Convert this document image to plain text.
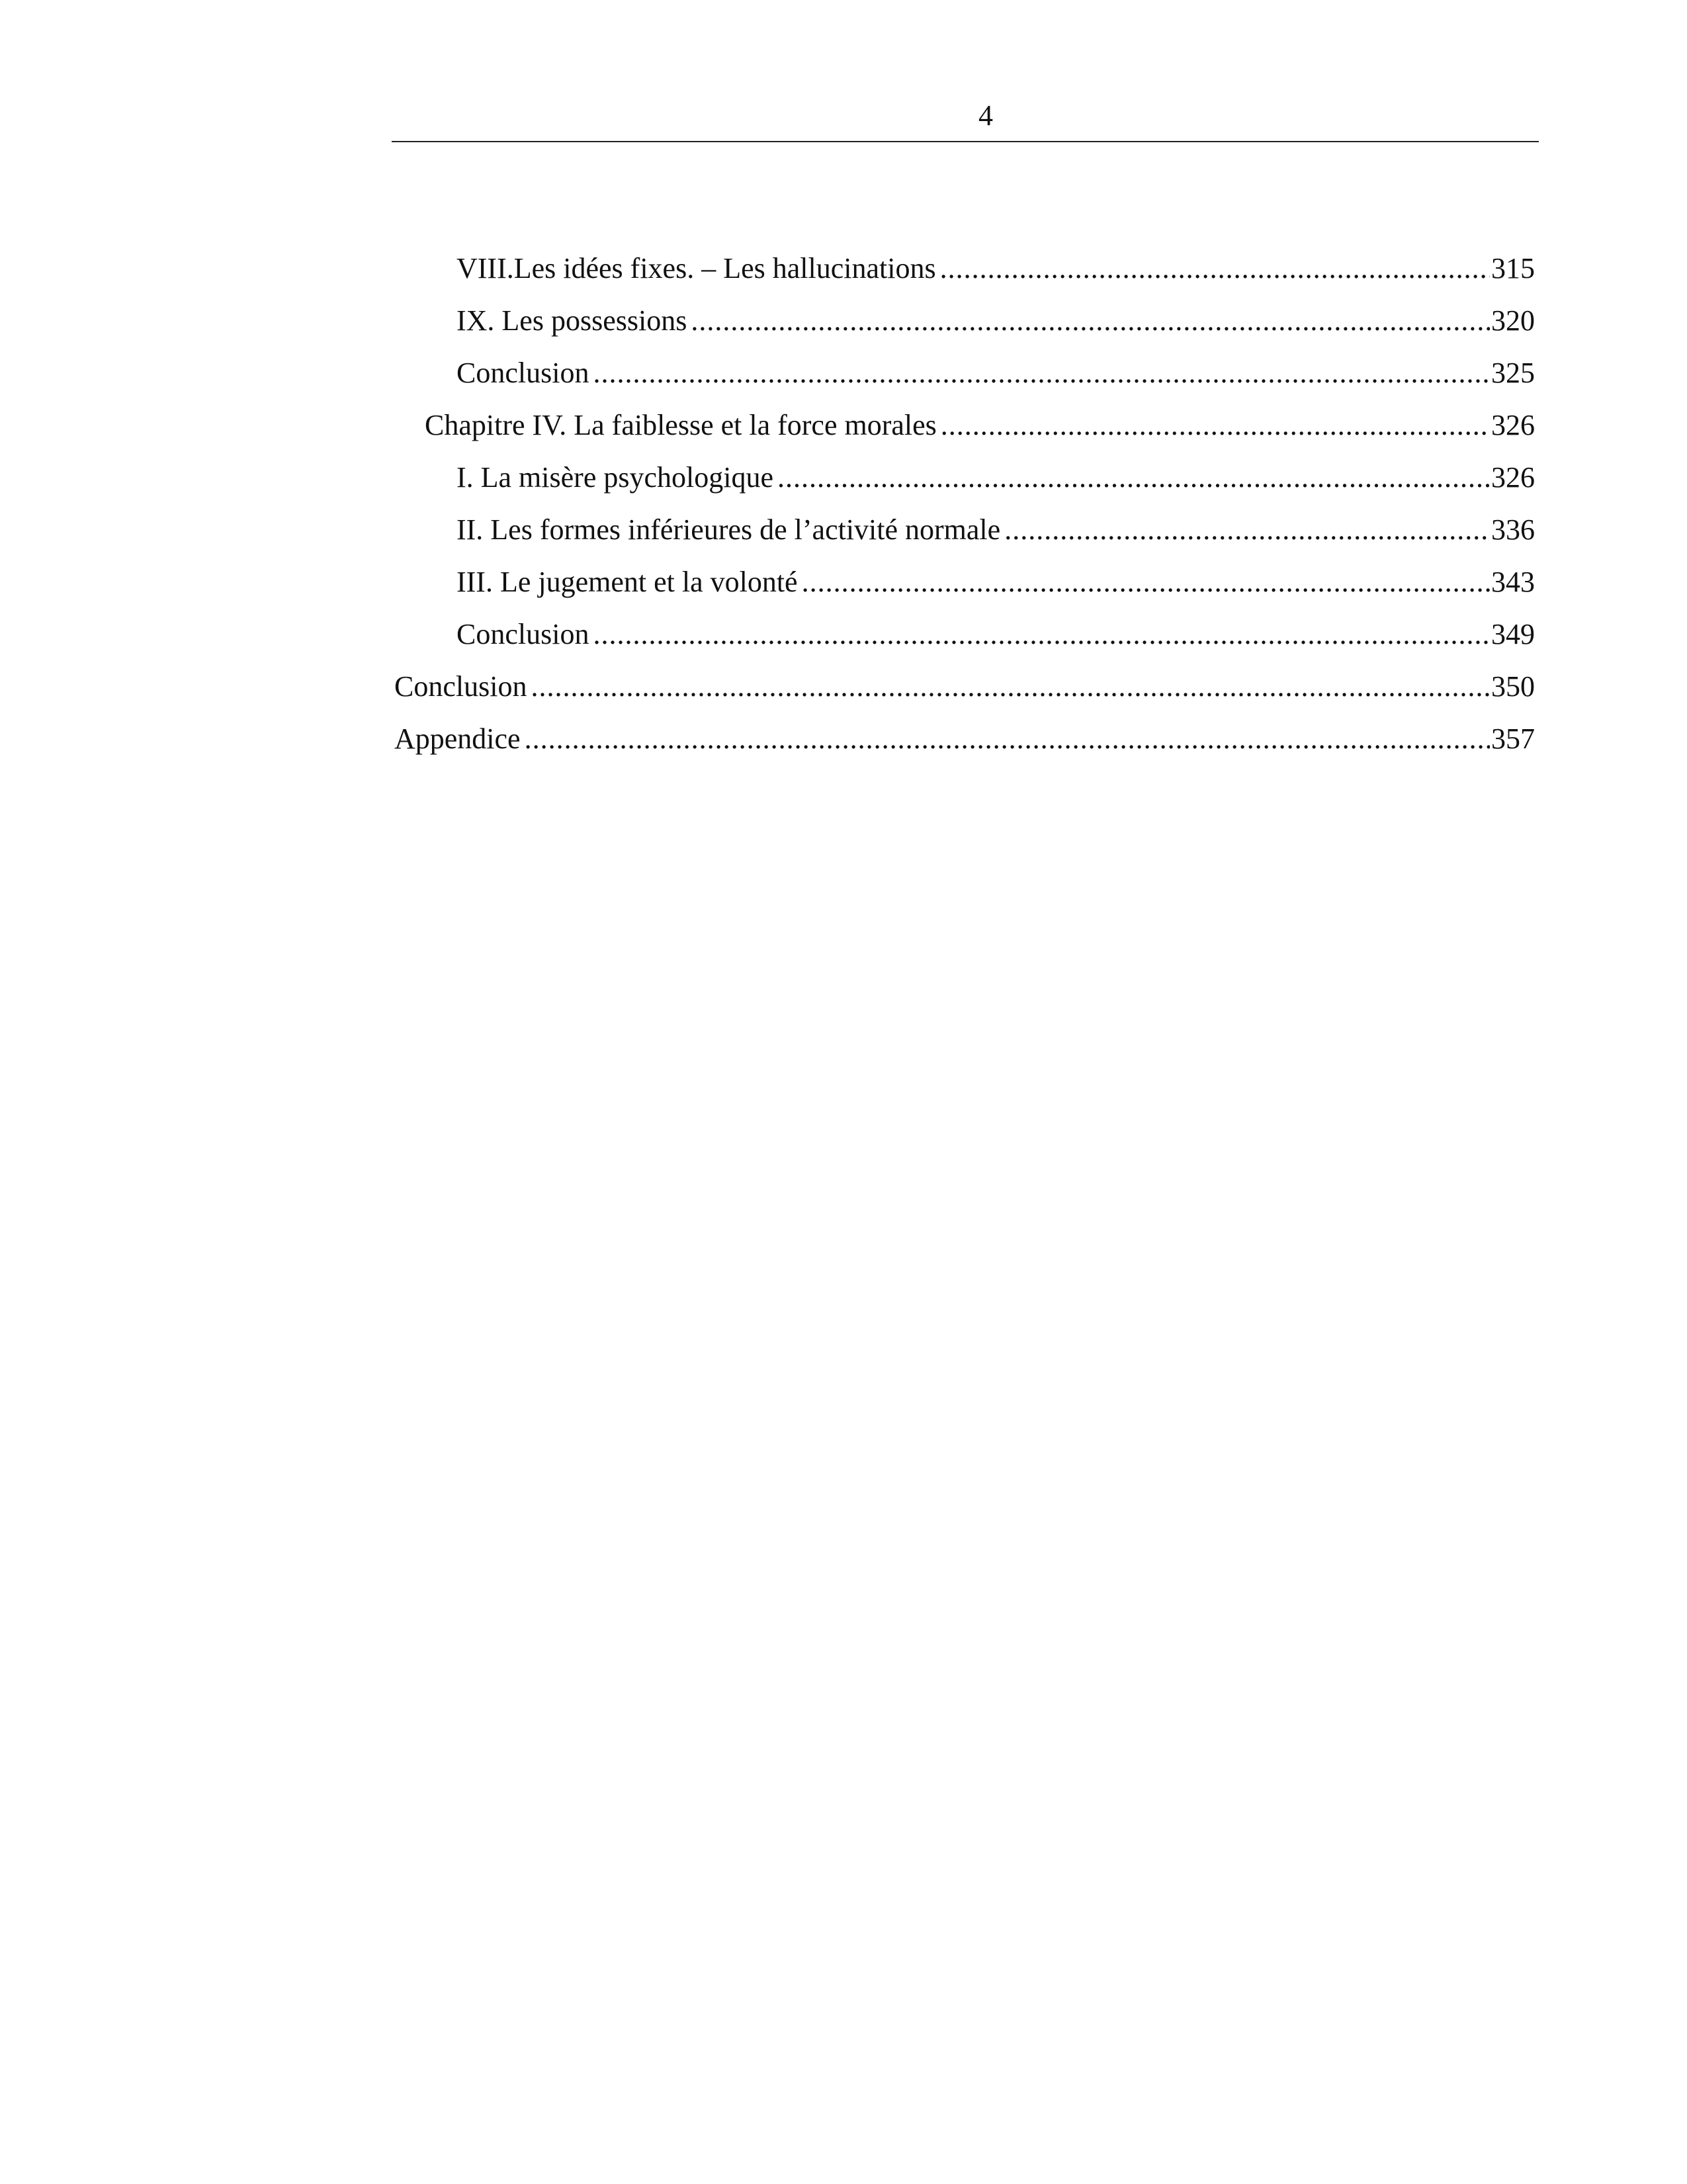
4
VIII.Les idées fixes. – Les hallucinations .....	315
IX. Les possessions .....	320
Conclusion .....	325
Chapitre IV. La faiblesse et la force morales .....	326
I. La misère psychologique .....	326
II. Les formes inférieures de l’activité normale .....	336
III. Le jugement et la volonté .....	343
Conclusion .....	349
Conclusion .....	350
Appendice .....	357
